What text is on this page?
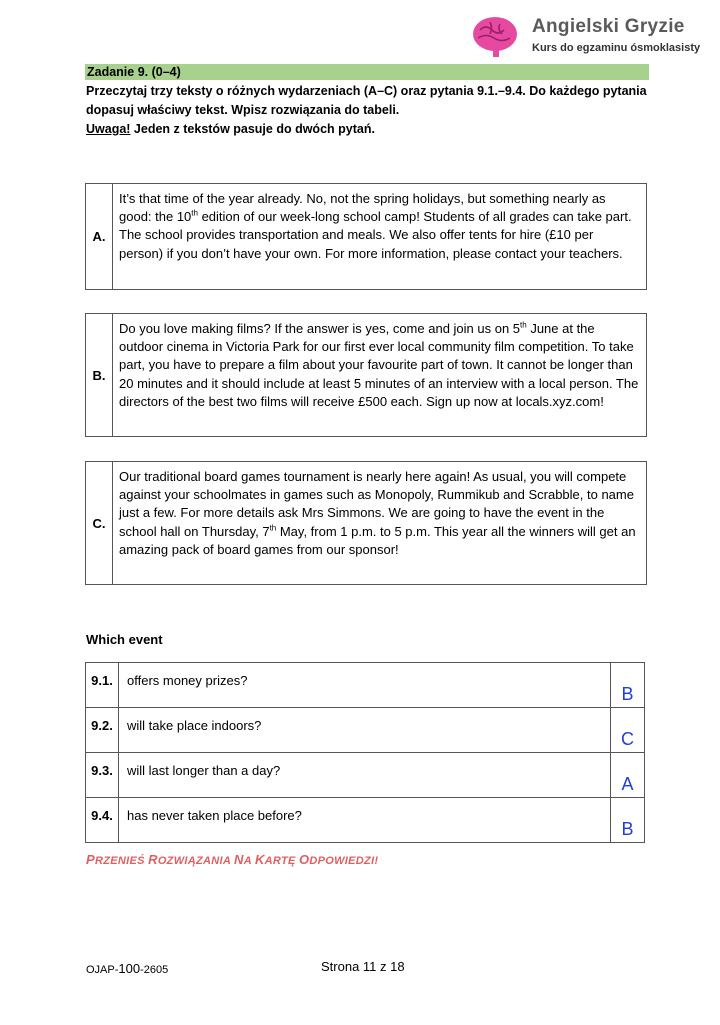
Angielski Gryzie
Kurs do egzaminu ósmoklasisty
Zadanie 9. (0–4)
Przeczytaj trzy teksty o różnych wydarzeniach (A–C) oraz pytania 9.1.–9.4. Do każdego pytania dopasuj właściwy tekst. Wpisz rozwiązania do tabeli.
Uwaga! Jeden z tekstów pasuje do dwóch pytań.
A.
It’s that time of the year already. No, not the spring holidays, but something nearly as good: the 10th edition of our week-long school camp! Students of all grades can take part. The school provides transportation and meals. We also offer tents for hire (£10 per person) if you don’t have your own. For more information, please contact your teachers.
B.
Do you love making films? If the answer is yes, come and join us on 5th June at the outdoor cinema in Victoria Park for our first ever local community film competition. To take part, you have to prepare a film about your favourite part of town. It cannot be longer than 20 minutes and it should include at least 5 minutes of an interview with a local person. The directors of the best two films will receive £500 each. Sign up now at locals.xyz.com!
C.
Our traditional board games tournament is nearly here again! As usual, you will compete against your schoolmates in games such as Monopoly, Rummikub and Scrabble, to name just a few. For more details ask Mrs Simmons. We are going to have the event in the school hall on Thursday, 7th May, from 1 p.m. to 5 p.m. This year all the winners will get an amazing pack of board games from our sponsor!
Which event
9.1.	offers money prizes?	B
9.2.	will take place indoors?	C
9.3.	will last longer than a day?	A
9.4.	has never taken place before?	B
PRZENIEŚ ROZWIĄZANIA NA KARTĘ ODPOWIEDZI!
OJAP-100-2605	Strona 11 z 18
